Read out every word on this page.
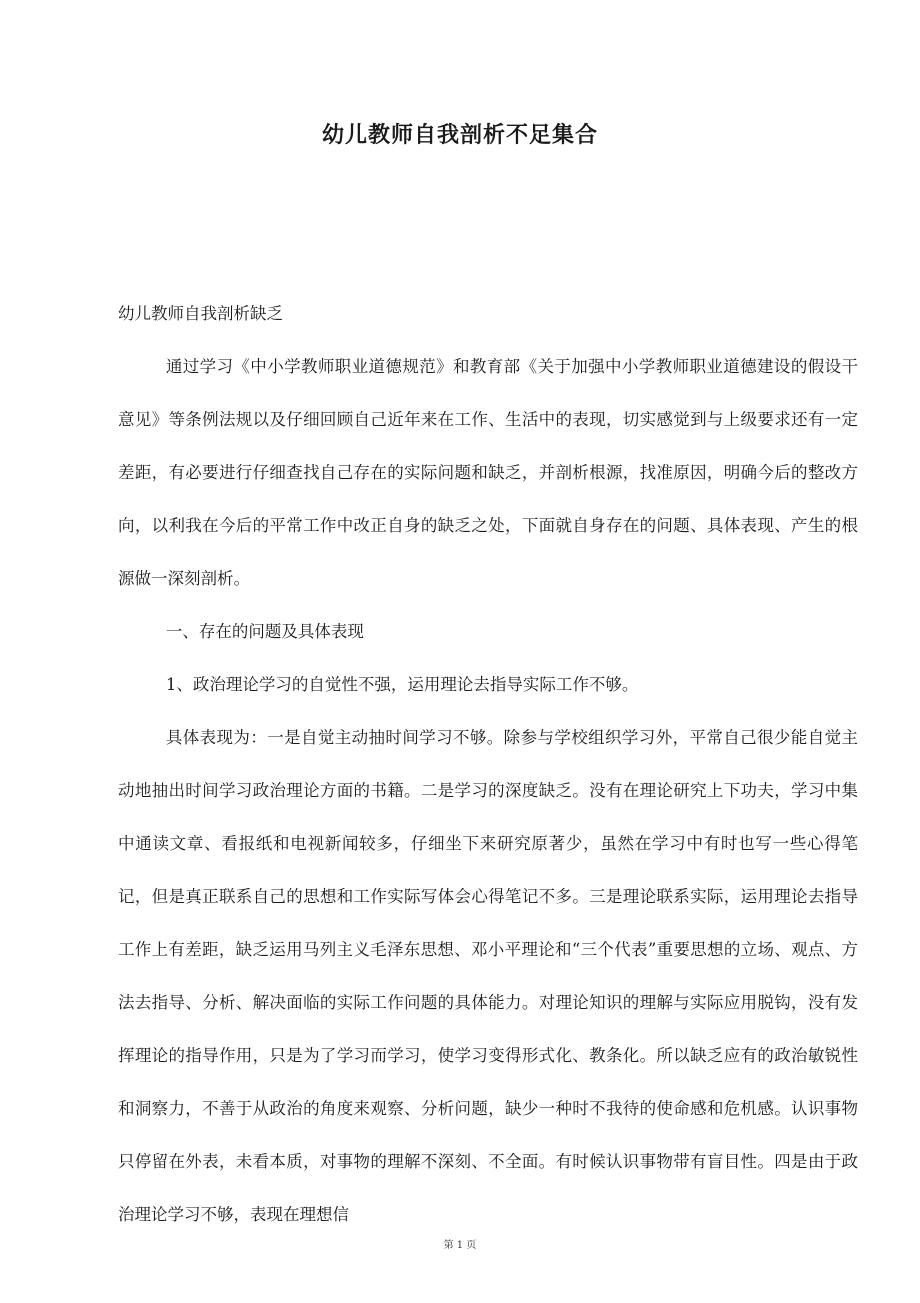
幼儿教师自我剖析不足集合

幼儿教师自我剖析缺乏

通过学习《中小学教师职业道德规范》和教育部《关于加强中小学教师职业道德建设的假设干意见》等条例法规以及仔细回顾自己近年来在工作、生活中的表现，切实感觉到与上级要求还有一定差距，有必要进行仔细查找自己存在的实际问题和缺乏，并剖析根源，找准原因，明确今后的整改方向，以利我在今后的平常工作中改正自身的缺乏之处，下面就自身存在的问题、具体表现、产生的根源做一深刻剖析。

一、存在的问题及具体表现

1、政治理论学习的自觉性不强，运用理论去指导实际工作不够。

具体表现为：一是自觉主动抽时间学习不够。除参与学校组织学习外，平常自己很少能自觉主动地抽出时间学习政治理论方面的书籍。二是学习的深度缺乏。没有在理论研究上下功夫，学习中集中通读文章、看报纸和电视新闻较多，仔细坐下来研究原著少，虽然在学习中有时也写一些心得笔记，但是真正联系自己的思想和工作实际写体会心得笔记不多。三是理论联系实际，运用理论去指导工作上有差距，缺乏运用马列主义毛泽东思想、邓小平理论和“三个代表”重要思想的立场、观点、方法去指导、分析、解决面临的实际工作问题的具体能力。对理论知识的理解与实际应用脱钩，没有发挥理论的指导作用，只是为了学习而学习，使学习变得形式化、教条化。所以缺乏应有的政治敏锐性和洞察力，不善于从政治的角度来观察、分析问题，缺少一种时不我待的使命感和危机感。认识事物只停留在外表，未看本质，对事物的理解不深刻、不全面。有时候认识事物带有盲目性。四是由于政治理论学习不够，表现在理想信

第 1 页
